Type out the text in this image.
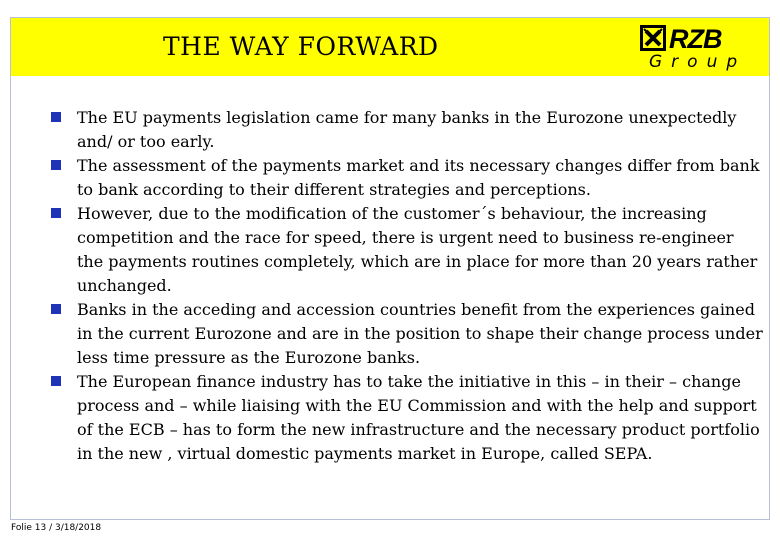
THE WAY FORWARD	RZB
Group
The EU payments legislation came for many banks in the Eurozone unexpectedly and/ or too early.
The assessment of the payments market and its necessary changes differ from bank to bank according to their different strategies and perceptions.
However, due to the modification of the customer´s behaviour, the increasing competition and the race for speed, there is urgent need to business re-engineer the payments routines completely, which are in place for more than 20 years rather unchanged.
Banks in the acceding and accession countries benefit from the experiences gained in the current Eurozone and are in the position to shape their change process under less time pressure as the Eurozone banks.
The European finance industry has to take the initiative in this – in their – change process and – while liaising with the EU Commission and with the help and support of the ECB – has to form the new infrastructure and the necessary product portfolio in the new , virtual domestic payments market in Europe, called SEPA.
Folie 13 / 3/18/2018
